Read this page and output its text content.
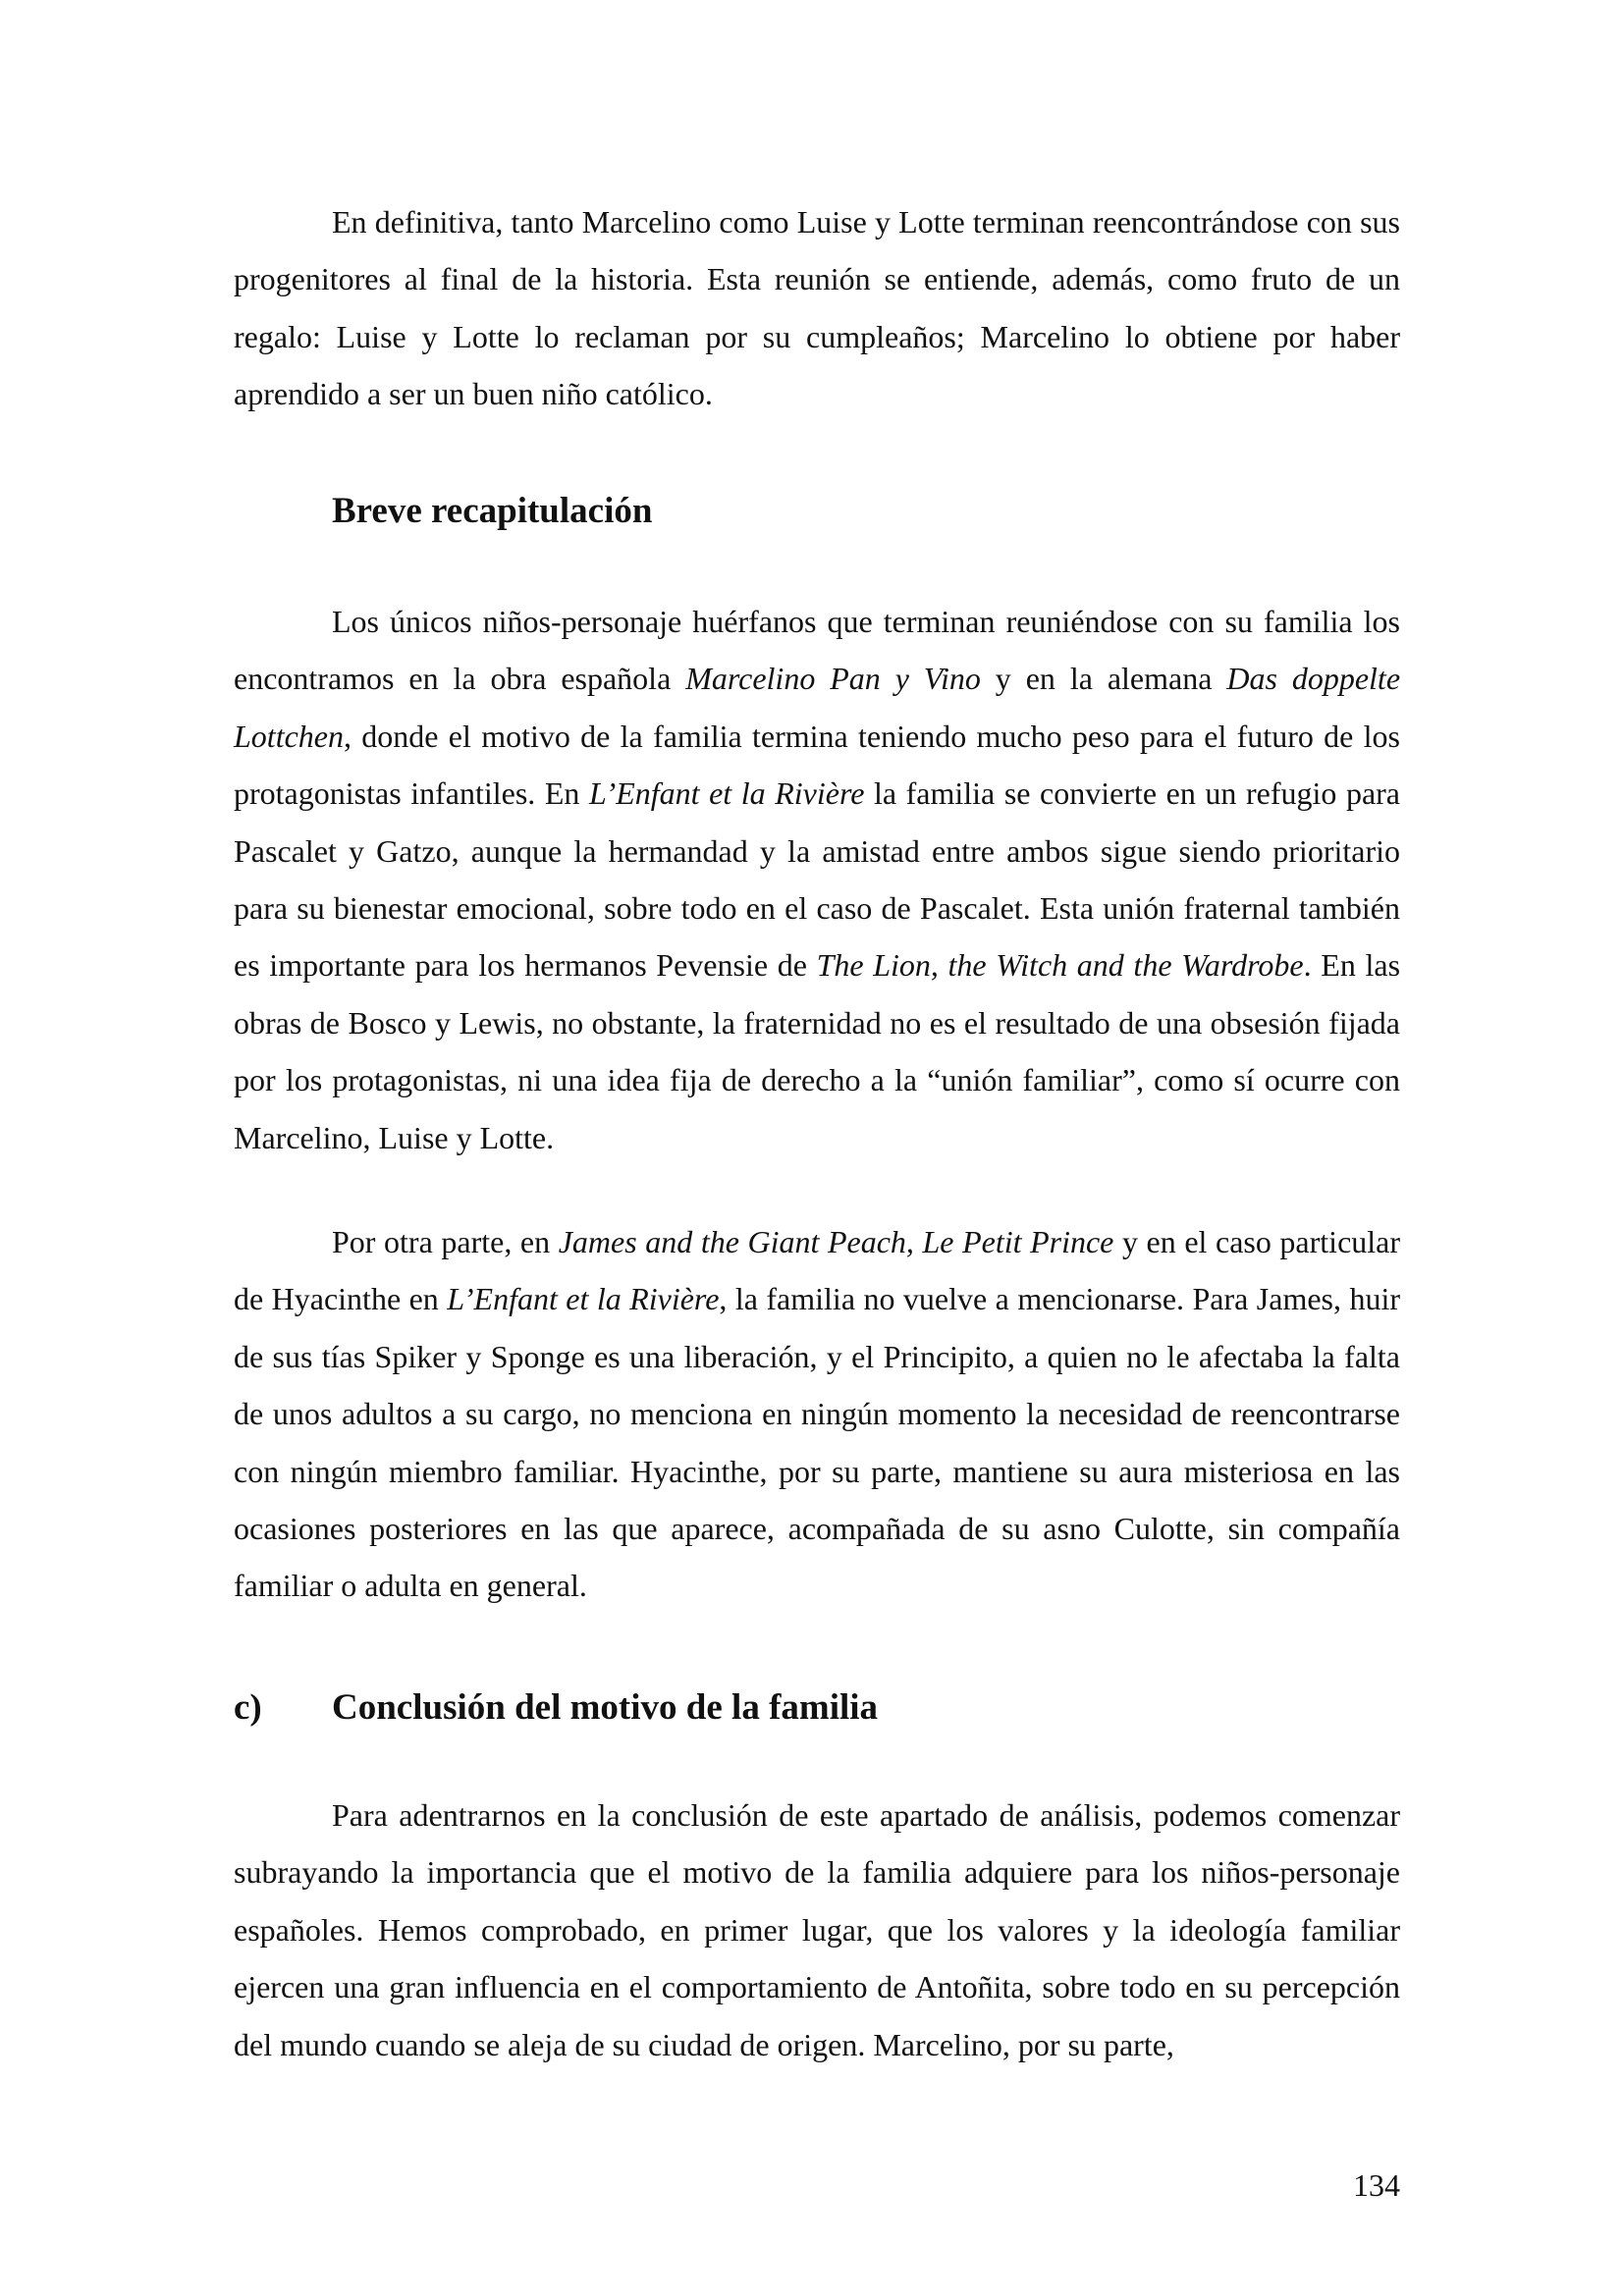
En definitiva, tanto Marcelino como Luise y Lotte terminan reencontrándose con sus progenitores al final de la historia. Esta reunión se entiende, además, como fruto de un regalo: Luise y Lotte lo reclaman por su cumpleaños; Marcelino lo obtiene por haber aprendido a ser un buen niño católico.

Breve recapitulación

Los únicos niños-personaje huérfanos que terminan reuniéndose con su familia los encontramos en la obra española Marcelino Pan y Vino y en la alemana Das doppelte Lottchen, donde el motivo de la familia termina teniendo mucho peso para el futuro de los protagonistas infantiles. En L’Enfant et la Rivière la familia se convierte en un refugio para Pascalet y Gatzo, aunque la hermandad y la amistad entre ambos sigue siendo prioritario para su bienestar emocional, sobre todo en el caso de Pascalet. Esta unión fraternal también es importante para los hermanos Pevensie de The Lion, the Witch and the Wardrobe. En las obras de Bosco y Lewis, no obstante, la fraternidad no es el resultado de una obsesión fijada por los protagonistas, ni una idea fija de derecho a la “unión familiar”, como sí ocurre con Marcelino, Luise y Lotte.

Por otra parte, en James and the Giant Peach, Le Petit Prince y en el caso particular de Hyacinthe en L’Enfant et la Rivière, la familia no vuelve a mencionarse. Para James, huir de sus tías Spiker y Sponge es una liberación, y el Principito, a quien no le afectaba la falta de unos adultos a su cargo, no menciona en ningún momento la necesidad de reencontrarse con ningún miembro familiar. Hyacinthe, por su parte, mantiene su aura misteriosa en las ocasiones posteriores en las que aparece, acompañada de su asno Culotte, sin compañía familiar o adulta en general.

c) Conclusión del motivo de la familia

Para adentrarnos en la conclusión de este apartado de análisis, podemos comenzar subrayando la importancia que el motivo de la familia adquiere para los niños-personaje españoles. Hemos comprobado, en primer lugar, que los valores y la ideología familiar ejercen una gran influencia en el comportamiento de Antoñita, sobre todo en su percepción del mundo cuando se aleja de su ciudad de origen. Marcelino, por su parte,

134
